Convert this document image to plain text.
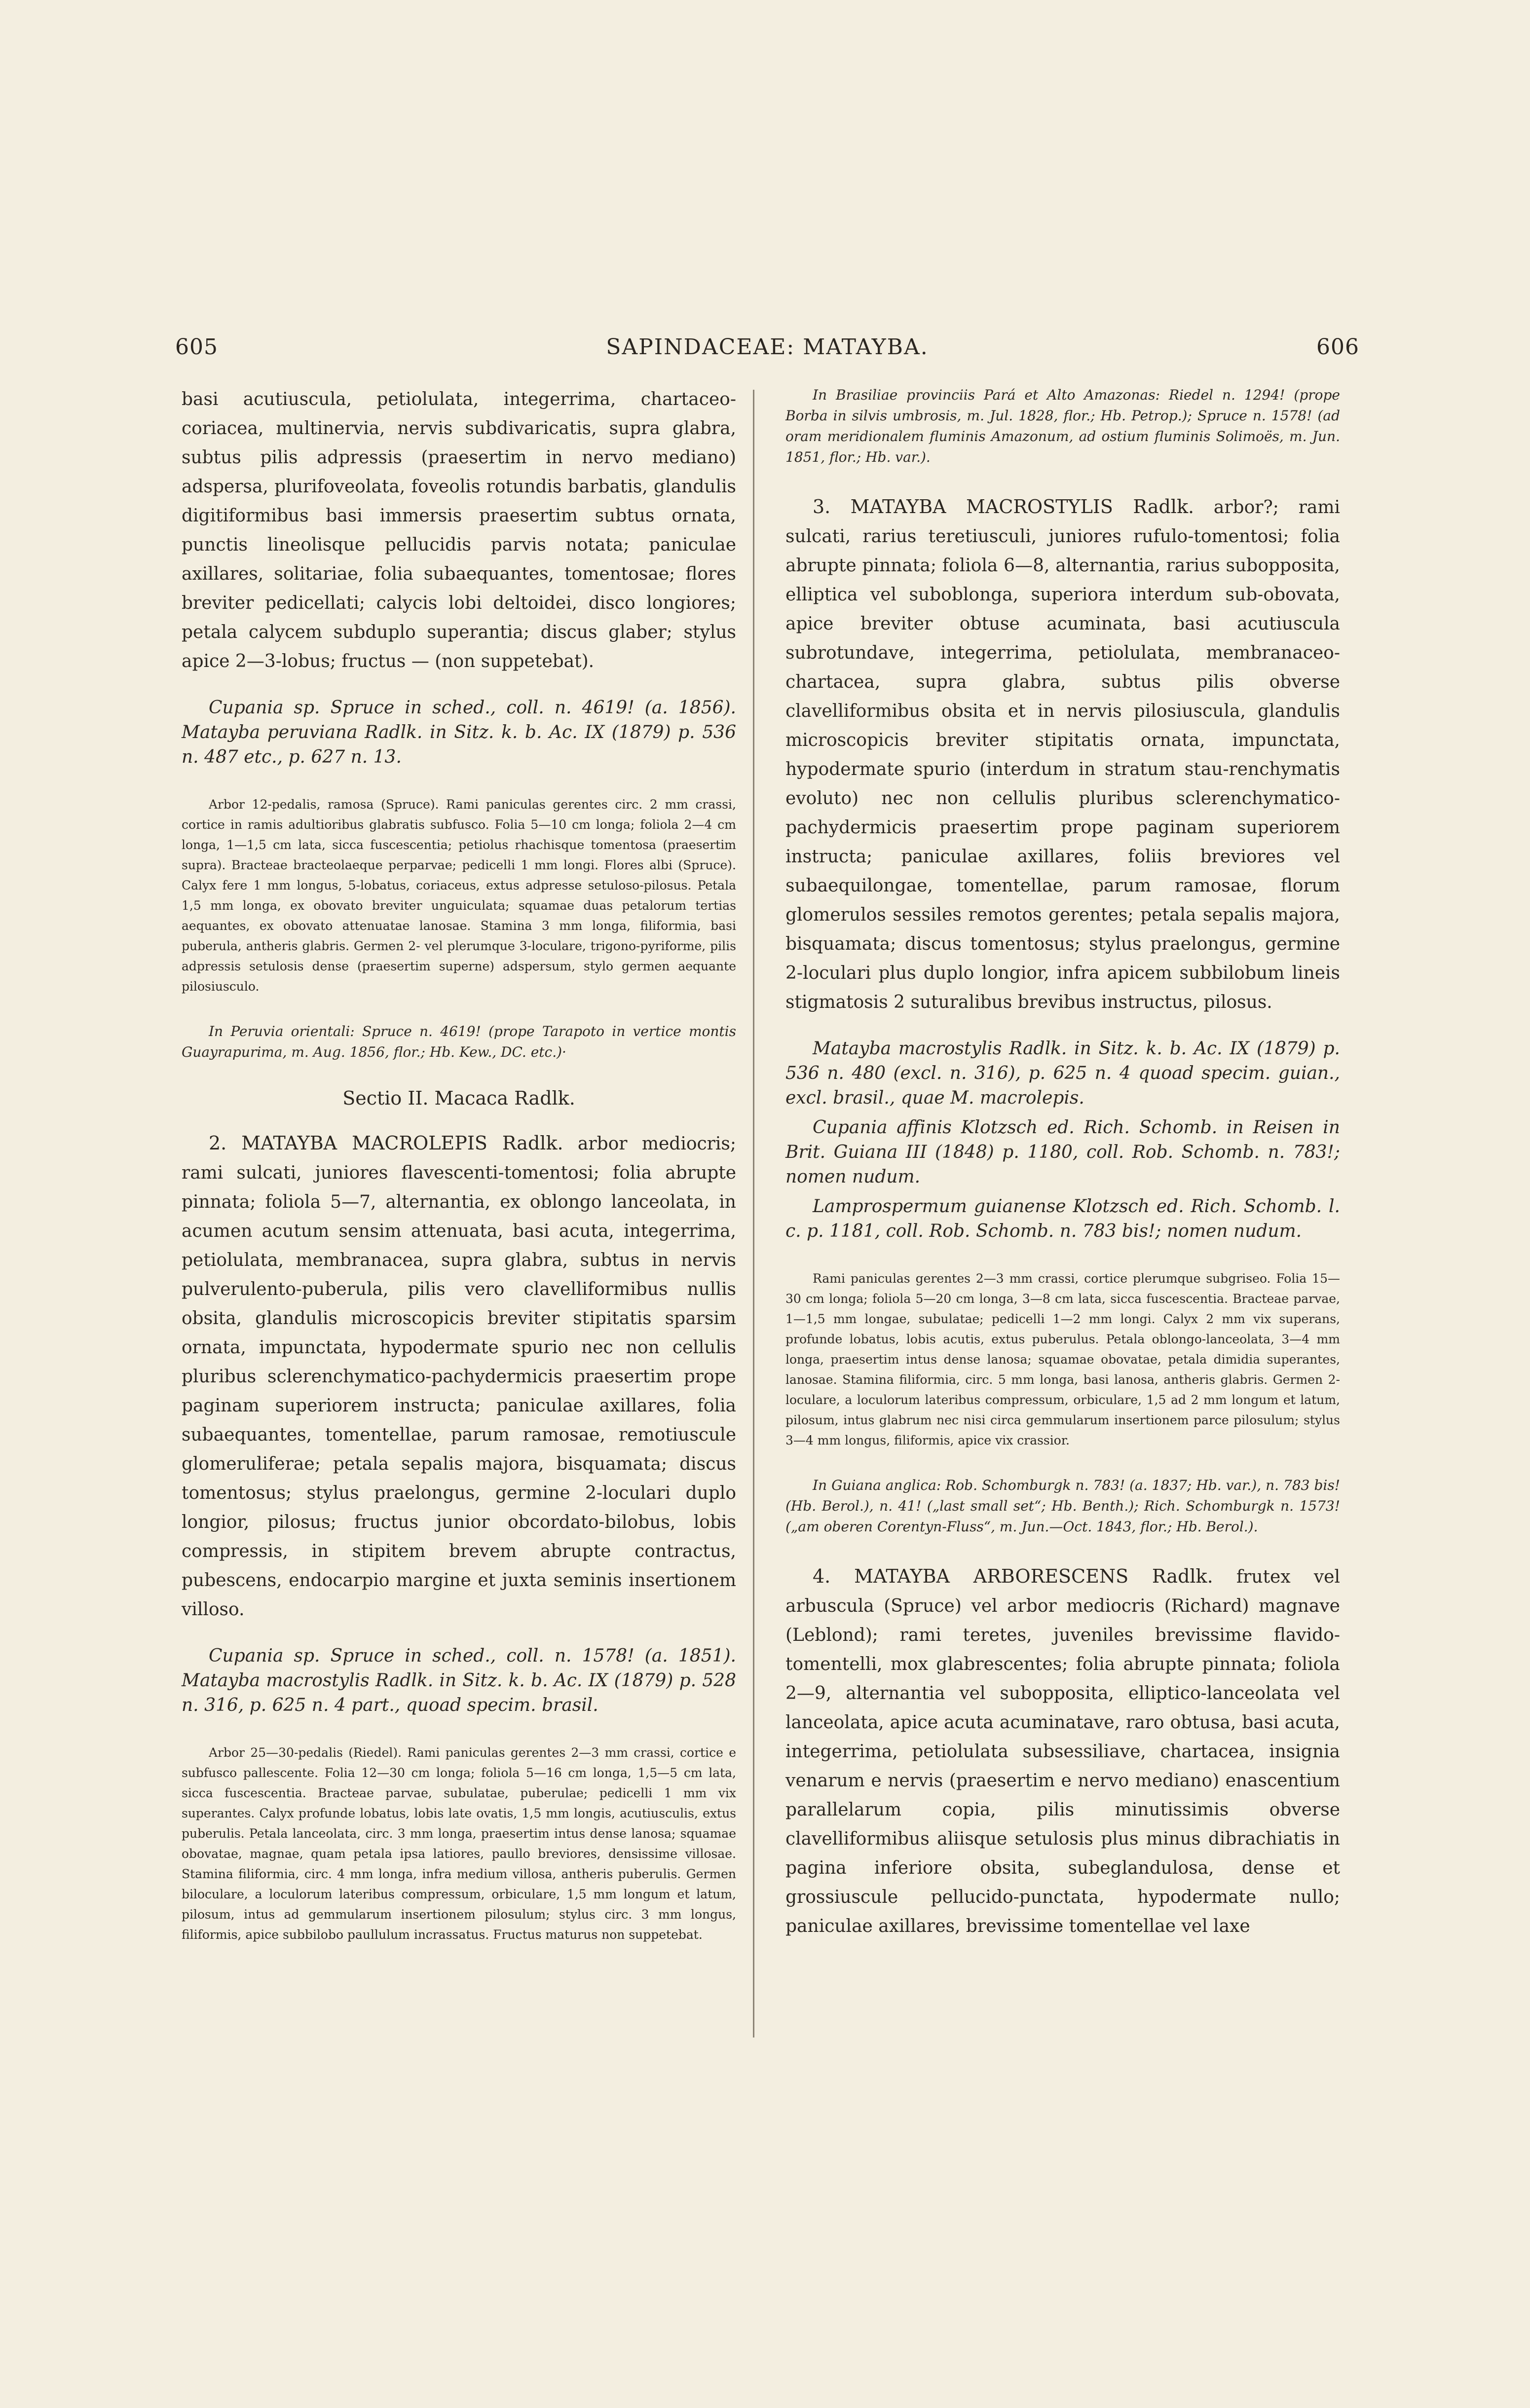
605	SAPINDACEAE: MATAYBA.	606

basi acutiuscula, petiolulata, integerrima, chartaceo-coriacea, multinervia, nervis subdivaricatis, supra glabra, subtus pilis adpressis (praesertim in nervo mediano) adspersa, plurifoveolata, foveolis rotundis barbatis, glandulis digitiformibus basi immersis praesertim subtus ornata, punctis lineolisque pellucidis parvis notata; paniculae axillares, solitariae, folia subaequantes, tomentosae; flores breviter pedicellati; calycis lobi deltoidei, disco longiores; petala calycem subduplo superantia; discus glaber; stylus apice 2—3-lobus; fructus — (non suppetebat).

Cupania sp. Spruce in sched., coll. n. 4619! (a. 1856). Matayba peruviana Radlk. in Sitz. k. b. Ac. IX (1879) p. 536 n. 487 etc., p. 627 n. 13.

Arbor 12-pedalis, ramosa (Spruce). Rami paniculas gerentes circ. 2 mm crassi, cortice in ramis adultioribus glabratis subfusco. Folia 5—10 cm longa; foliola 2—4 cm longa, 1—1,5 cm lata, sicca fuscescentia; petiolus rhachisque tomentosa (praesertim supra). Bracteae bracteolaeque perparvae; pedicelli 1 mm longi. Flores albi (Spruce). Calyx fere 1 mm longus, 5-lobatus, coriaceus, extus adpresse setuloso-pilosus. Petala 1,5 mm longa, ex obovato breviter unguiculata; squamae duas petalorum tertias aequantes, ex obovato attenuatae lanosae. Stamina 3 mm longa, filiformia, basi puberula, antheris glabris. Germen 2- vel plerumque 3-loculare, trigono-pyriforme, pilis adpressis setulosis dense (praesertim superne) adspersum, stylo germen aequante pilosiusculo.

In Peruvia orientali: Spruce n. 4619! (prope Tarapoto in vertice montis Guayrapurima, m. Aug. 1856, flor.; Hb. Kew., DC. etc.)·

Sectio II. Macaca Radlk.

2. MATAYBA MACROLEPIS Radlk. arbor mediocris; rami sulcati, juniores flavescenti-tomentosi; folia abrupte pinnata; foliola 5—7, alternantia, ex oblongo lanceolata, in acumen acutum sensim attenuata, basi acuta, integerrima, petiolulata, membranacea, supra glabra, subtus in nervis pulverulento-puberula, pilis vero clavelliformibus nullis obsita, glandulis microscopicis breviter stipitatis sparsim ornata, impunctata, hypodermate spurio nec non cellulis pluribus sclerenchymatico-pachydermicis praesertim prope paginam superiorem instructa; paniculae axillares, folia subaequantes, tomentellae, parum ramosae, remotiuscule glomeruliferae; petala sepalis majora, bisquamata; discus tomentosus; stylus praelongus, germine 2-loculari duplo longior, pilosus; fructus junior obcordato-bilobus, lobis compressis, in stipitem brevem abrupte contractus, pubescens, endocarpio margine et juxta seminis insertionem villoso.

Cupania sp. Spruce in sched., coll. n. 1578! (a. 1851). Matayba macrostylis Radlk. in Sitz. k. b. Ac. IX (1879) p. 528 n. 316, p. 625 n. 4 part., quoad specim. brasil.

Arbor 25—30-pedalis (Riedel). Rami paniculas gerentes 2—3 mm crassi, cortice e subfusco pallescente. Folia 12—30 cm longa; foliola 5—16 cm longa, 1,5—5 cm lata, sicca fuscescentia. Bracteae parvae, subulatae, puberulae; pedicelli 1 mm vix superantes. Calyx profunde lobatus, lobis late ovatis, 1,5 mm longis, acutiusculis, extus puberulis. Petala lanceolata, circ. 3 mm longa, praesertim intus dense lanosa; squamae obovatae, magnae, quam petala ipsa latiores, paullo breviores, densissime villosae. Stamina filiformia, circ. 4 mm longa, infra medium villosa, antheris puberulis. Germen biloculare, a loculorum lateribus compressum, orbiculare, 1,5 mm longum et latum, pilosum, intus ad gemmularum insertionem pilosulum; stylus circ. 3 mm longus, filiformis, apice subbilobo paullulum incrassatus. Fructus maturus non suppetebat.

In Brasiliae provinciis Pará et Alto Amazonas: Riedel n. 1294! (prope Borba in silvis umbrosis, m. Jul. 1828, flor.; Hb. Petrop.); Spruce n. 1578! (ad oram meridionalem fluminis Amazonum, ad ostium fluminis Solimoës, m. Jun. 1851, flor.; Hb. var.).

3. MATAYBA MACROSTYLIS Radlk. arbor?; rami sulcati, rarius teretiusculi, juniores rufulo-tomentosi; folia abrupte pinnata; foliola 6—8, alternantia, rarius subopposita, elliptica vel suboblonga, superiora interdum sub-obovata, apice breviter obtuse acuminata, basi acutiuscula subrotundave, integerrima, petiolulata, membranaceo-chartacea, supra glabra, subtus pilis obverse clavelliformibus obsita et in nervis pilosiuscula, glandulis microscopicis breviter stipitatis ornata, impunctata, hypodermate spurio (interdum in stratum stau-renchymatis evoluto) nec non cellulis pluribus sclerenchymatico-pachydermicis praesertim prope paginam superiorem instructa; paniculae axillares, foliis breviores vel subaequilongae, tomentellae, parum ramosae, florum glomerulos sessiles remotos gerentes; petala sepalis majora, bisquamata; discus tomentosus; stylus praelongus, germine 2-loculari plus duplo longior, infra apicem subbilobum lineis stigmatosis 2 suturalibus brevibus instructus, pilosus.

Matayba macrostylis Radlk. in Sitz. k. b. Ac. IX (1879) p. 536 n. 480 (excl. n. 316), p. 625 n. 4 quoad specim. guian., excl. brasil., quae M. macrolepis.

Cupania affinis Klotzsch ed. Rich. Schomb. in Reisen in Brit. Guiana III (1848) p. 1180, coll. Rob. Schomb. n. 783!; nomen nudum.

Lamprospermum guianense Klotzsch ed. Rich. Schomb. l. c. p. 1181, coll. Rob. Schomb. n. 783 bis!; nomen nudum.

Rami paniculas gerentes 2—3 mm crassi, cortice plerumque subgriseo. Folia 15—30 cm longa; foliola 5—20 cm longa, 3—8 cm lata, sicca fuscescentia. Bracteae parvae, 1—1,5 mm longae, subulatae; pedicelli 1—2 mm longi. Calyx 2 mm vix superans, profunde lobatus, lobis acutis, extus puberulus. Petala oblongo-lanceolata, 3—4 mm longa, praesertim intus dense lanosa; squamae obovatae, petala dimidia superantes, lanosae. Stamina filiformia, circ. 5 mm longa, basi lanosa, antheris glabris. Germen 2-loculare, a loculorum lateribus compressum, orbiculare, 1,5 ad 2 mm longum et latum, pilosum, intus glabrum nec nisi circa gemmularum insertionem parce pilosulum; stylus 3—4 mm longus, filiformis, apice vix crassior.

In Guiana anglica: Rob. Schomburgk n. 783! (a. 1837; Hb. var.), n. 783 bis! (Hb. Berol.), n. 41! („last small set“; Hb. Benth.); Rich. Schomburgk n. 1573! („am oberen Corentyn-Fluss“, m. Jun.—Oct. 1843, flor.; Hb. Berol.).

4. MATAYBA ARBORESCENS Radlk. frutex vel arbuscula (Spruce) vel arbor mediocris (Richard) magnave (Leblond); rami teretes, juveniles brevissime flavido-tomentelli, mox glabrescentes; folia abrupte pinnata; foliola 2—9, alternantia vel subopposita, elliptico-lanceolata vel lanceolata, apice acuta acuminatave, raro obtusa, basi acuta, integerrima, petiolulata subsessiliave, chartacea, insignia venarum e nervis (praesertim e nervo mediano) enascentium parallelarum copia, pilis minutissimis obverse clavelliformibus aliisque setulosis plus minus dibrachiatis in pagina inferiore obsita, subeglandulosa, dense et grossiuscule pellucido-punctata, hypodermate nullo; paniculae axillares, brevissime tomentellae vel laxe
